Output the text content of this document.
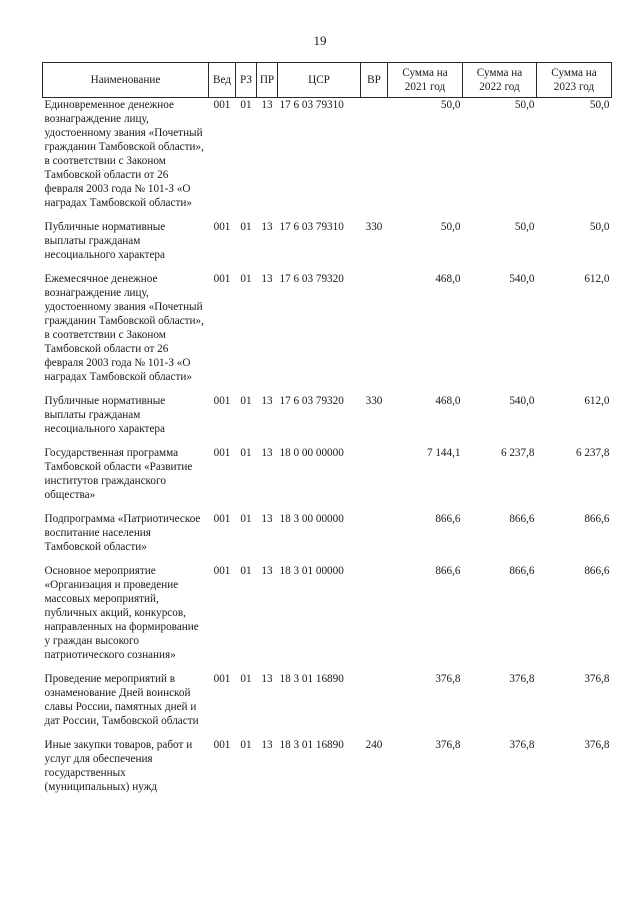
19
Наименование	Вед	РЗ	ПР	ЦСР	ВР	Сумма на 2021 год	Сумма на 2022 год	Сумма на 2023 год
Единовременное денежное вознаграждение лицу, удостоенному звания «Почетный гражданин Тамбовской области», в соответствии с Законом Тамбовской области от 26 февраля 2003 года № 101-З «О наградах Тамбовской области»	001	01	13	17 6 03 79310		50,0	50,0	50,0
Публичные нормативные выплаты гражданам несоциального характера	001	01	13	17 6 03 79310	330	50,0	50,0	50,0
Ежемесячное денежное вознаграждение лицу, удостоенному звания «Почетный гражданин Тамбовской области», в соответствии с Законом Тамбовской области от 26 февраля 2003 года № 101-З «О наградах Тамбовской области»	001	01	13	17 6 03 79320		468,0	540,0	612,0
Публичные нормативные выплаты гражданам несоциального характера	001	01	13	17 6 03 79320	330	468,0	540,0	612,0
Государственная программа Тамбовской области «Развитие институтов гражданского общества»	001	01	13	18 0 00 00000		7 144,1	6 237,8	6 237,8
Подпрограмма «Патриотическое воспитание населения Тамбовской области»	001	01	13	18 3 00 00000		866,6	866,6	866,6
Основное мероприятие «Организация и проведение массовых мероприятий, публичных акций, конкурсов, направленных на формирование у граждан высокого патриотического сознания»	001	01	13	18 3 01 00000		866,6	866,6	866,6
Проведение мероприятий в ознаменование Дней воинской славы России, памятных дней и дат России, Тамбовской области	001	01	13	18 3 01 16890		376,8	376,8	376,8
Иные закупки товаров, работ и услуг для обеспечения государственных (муниципальных) нужд	001	01	13	18 3 01 16890	240	376,8	376,8	376,8
